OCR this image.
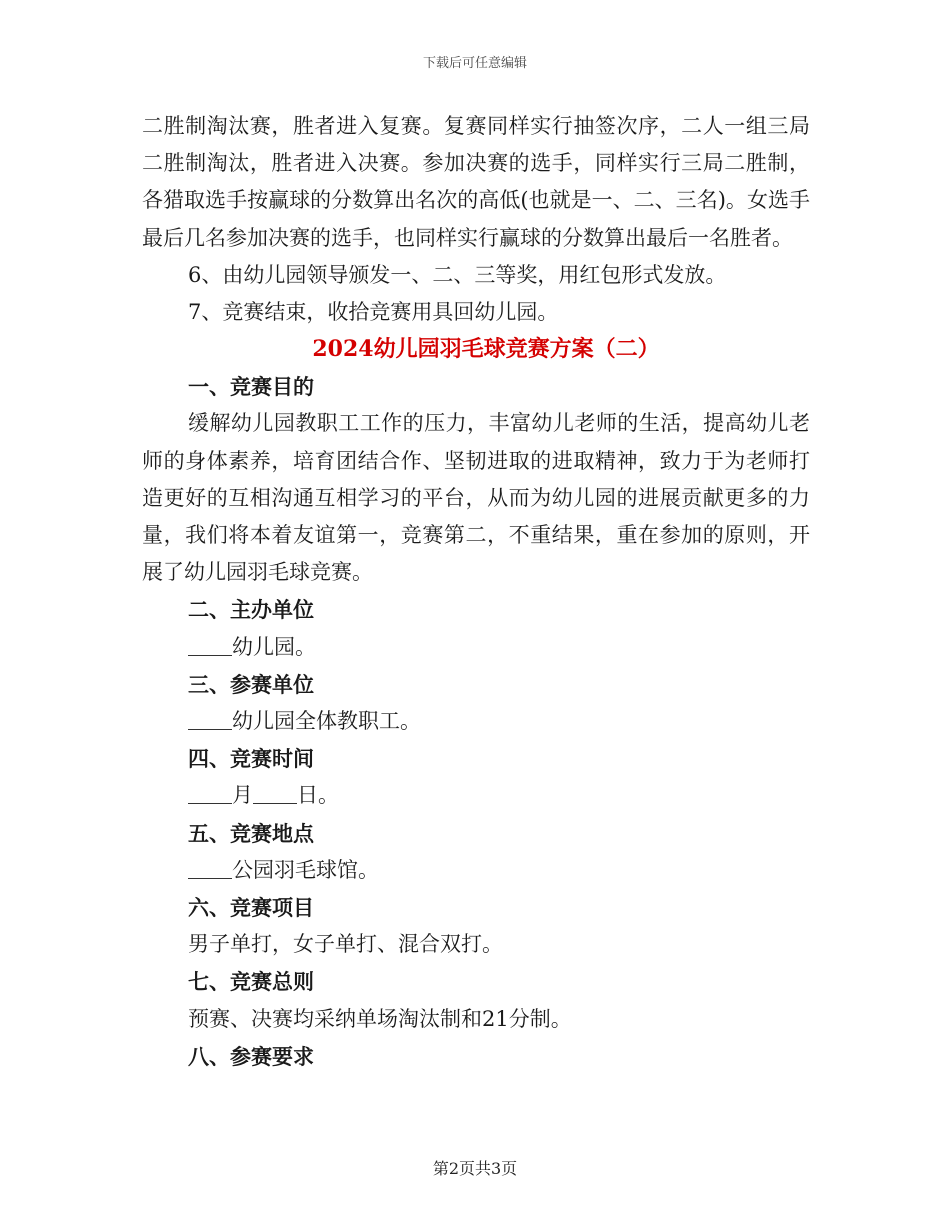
下载后可任意编辑

二胜制淘汰赛，胜者进入复赛。复赛同样实行抽签次序，二人一组三局二胜制淘汰，胜者进入决赛。参加决赛的选手，同样实行三局二胜制，各猎取选手按赢球的分数算出名次的高低(也就是一、二、三名)。女选手最后几名参加决赛的选手，也同样实行赢球的分数算出最后一名胜者。

6、由幼儿园领导颁发一、二、三等奖，用红包形式发放。

7、竞赛结束，收拾竞赛用具回幼儿园。

2024幼儿园羽毛球竞赛方案（二）

一、竞赛目的

缓解幼儿园教职工工作的压力，丰富幼儿老师的生活，提高幼儿老师的身体素养，培育团结合作、坚韧进取的进取精神，致力于为老师打造更好的互相沟通互相学习的平台，从而为幼儿园的进展贡献更多的力量，我们将本着友谊第一，竞赛第二，不重结果，重在参加的原则，开展了幼儿园羽毛球竞赛。

二、主办单位

幼儿园。

三、参赛单位

幼儿园全体教职工。

四、竞赛时间

月 日。

五、竞赛地点

公园羽毛球馆。

六、竞赛项目

男子单打，女子单打、混合双打。

七、竞赛总则

预赛、决赛均采纳单场淘汰制和21分制。

八、参赛要求

第2页共3页
